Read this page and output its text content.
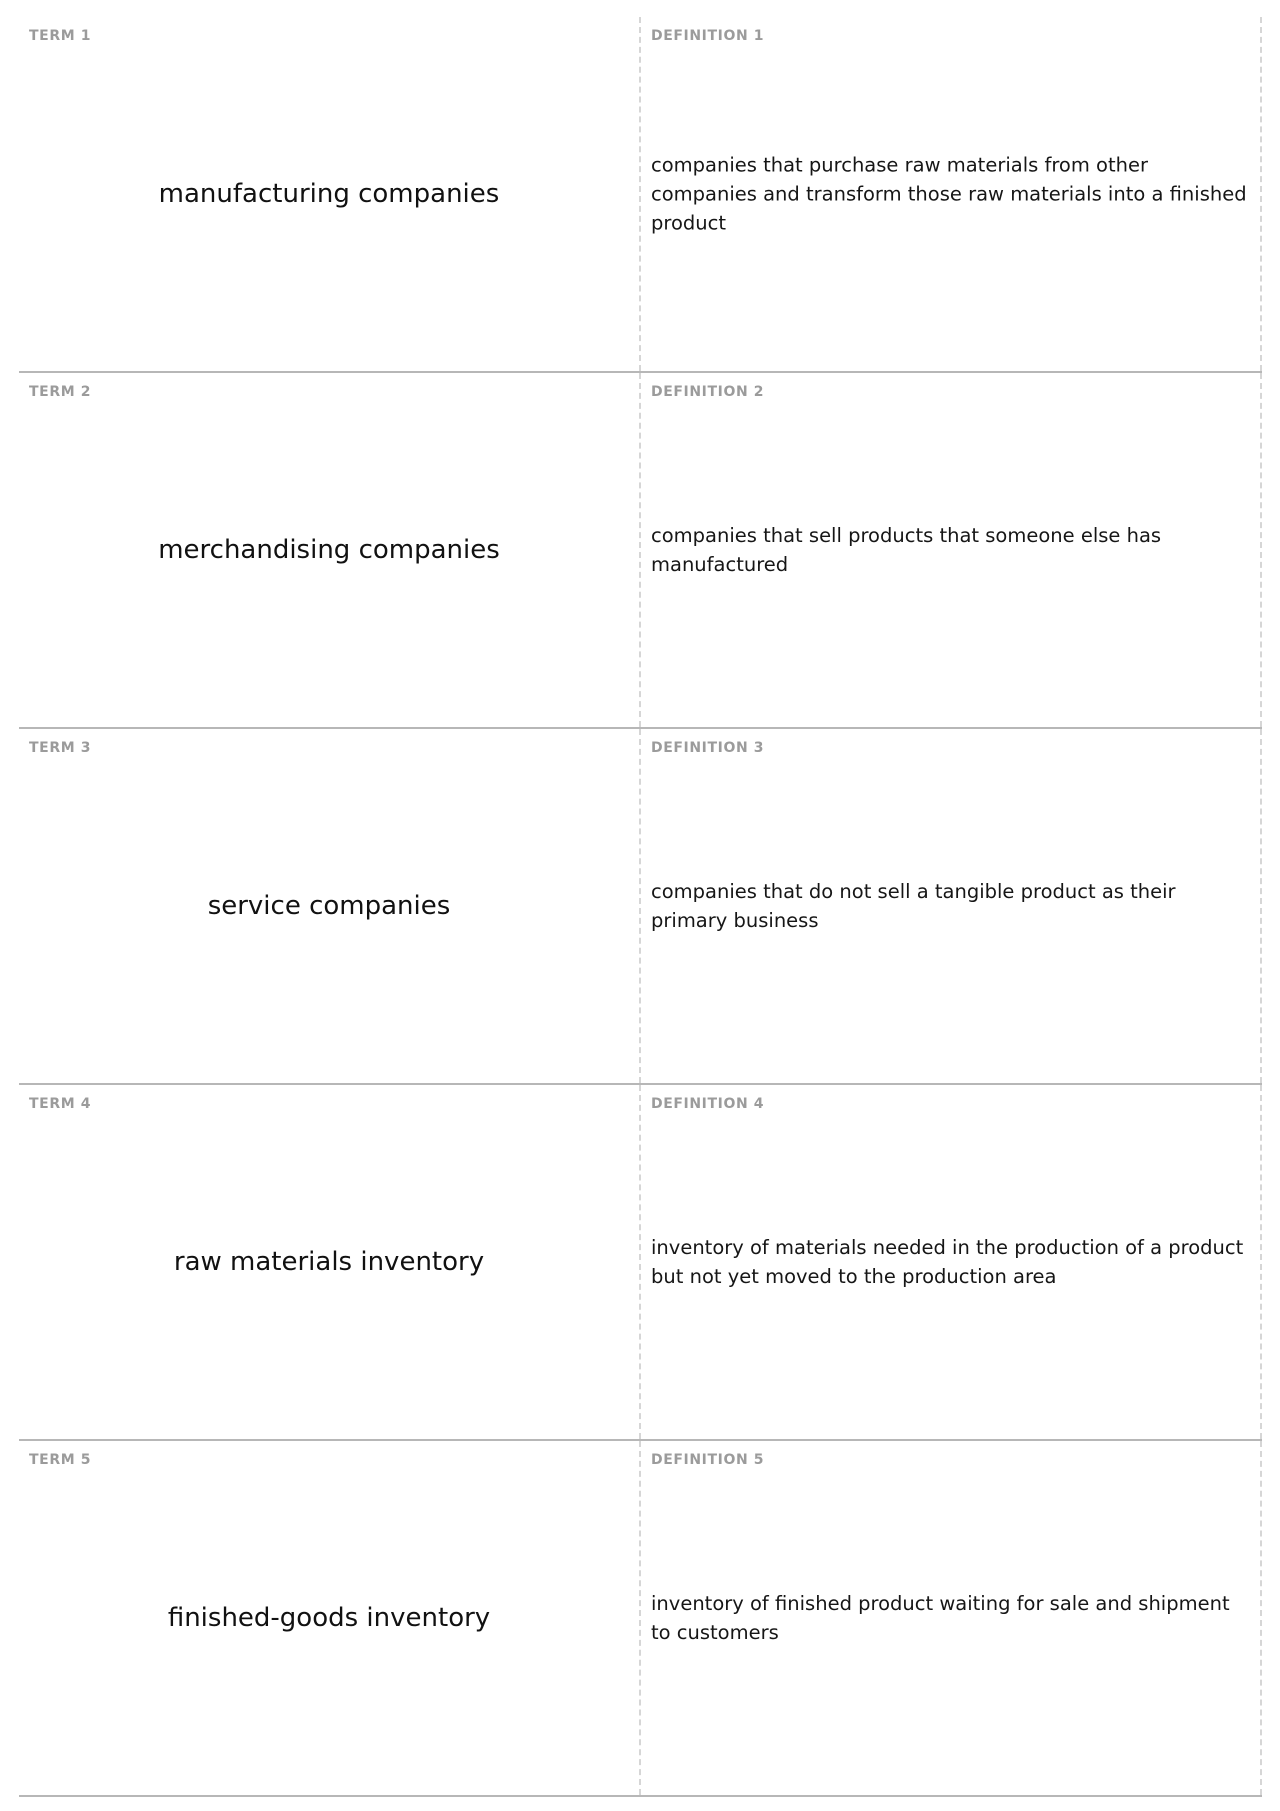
TERM 1
manufacturing companies
DEFINITION 1
companies that purchase raw materials from other companies and transform those raw materials into a finished product
TERM 2
merchandising companies
DEFINITION 2
companies that sell products that someone else has manufactured
TERM 3
service companies
DEFINITION 3
companies that do not sell a tangible product as their primary business
TERM 4
raw materials inventory
DEFINITION 4
inventory of materials needed in the production of a product but not yet moved to the production area
TERM 5
finished-goods inventory
DEFINITION 5
inventory of finished product waiting for sale and shipment to customers
